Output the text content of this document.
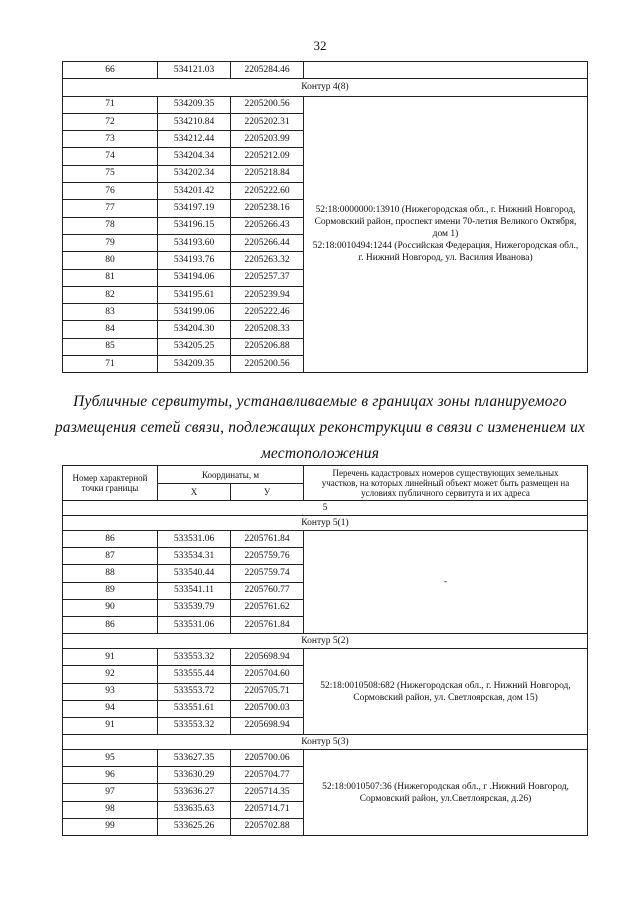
32
66	534121.03	2205284.46	
Контур 4(8)			
71	534209.35	2205200.56	52:18:0000000:13910 (Нижегородская обл., г. Нижний Новгород, Сормовский район, проспект имени 70-летия Великого Октября, дом 1)
52:18:0010494:1244 (Российская Федерация, Нижегородская обл., г. Нижний Новгород, ул. Василия Иванова)
72	534210.84	2205202.31	
73	534212.44	2205203.99	
74	534204.34	2205212.09	
75	534202.34	2205218.84	
76	534201.42	2205222.60	
77	534197.19	2205238.16	
78	534196.15	2205266.43	
79	534193.60	2205266.44	
80	534193.76	2205263.32	
81	534194.06	2205257.37	
82	534195.61	2205239.94	
83	534199.06	2205222.46	
84	534204.30	2205208.33	
85	534205.25	2205206.88	
71	534209.35	2205200.56	
Публичные сервитуты, устанавливаемые в границах зоны планируемого размещения сетей связи, подлежащих реконструкции в связи с изменением их местоположения
Номер характерной точки границы	Координаты, м		Перечень кадастровых номеров существующих земельных участков, на которых линейный объект может быть размещен на условиях публичного сервитута и их адреса
	X	У	
5			
Контур 5(1)			
86	533531.06	2205761.84	-
87	533534.31	2205759.76	
88	533540.44	2205759.74	
89	533541.11	2205760.77	
90	533539.79	2205761.62	
86	533531.06	2205761.84	
Контур 5(2)			
91	533553.32	2205698.94	52:18:0010508:682 (Нижегородская обл., г. Нижний Новгород, Сормовский район, ул. Светлоярская, дом 15)
92	533555.44	2205704.60	
93	533553.72	2205705.71	
94	533551.61	2205700.03	
91	533553.32	2205698.94	
Контур 5(3)			
95	533627.35	2205700.06	52:18:0010507:36 (Нижегородская обл., г .Нижний Новгород, Сормовский район, ул.Светлоярская, д.26)
96	533630.29	2205704.77	
97	533636.27	2205714.35	
98	533635.63	2205714.71	
99	533625.26	2205702.88	
